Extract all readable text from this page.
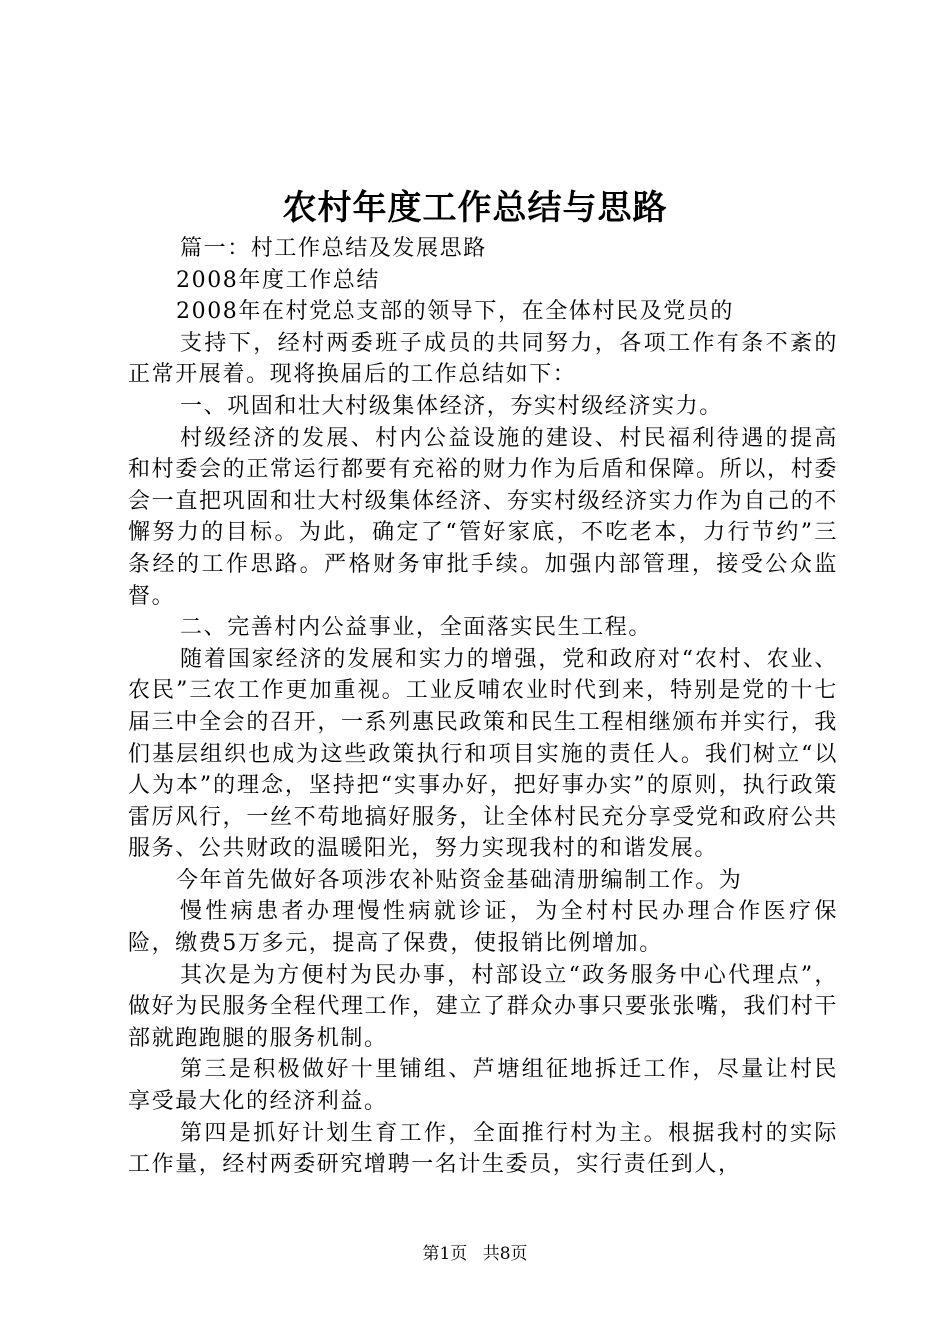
农村年度工作总结与思路

篇一：村工作总结及发展思路

2008年度工作总结

2008年在村党总支部的领导下，在全体村民及党员的

支持下，经村两委班子成员的共同努力，各项工作有条不紊的正常开展着。现将换届后的工作总结如下：

一、巩固和壮大村级集体经济，夯实村级经济实力。

村级经济的发展、村内公益设施的建设、村民福利待遇的提高和村委会的正常运行都要有充裕的财力作为后盾和保障。所以，村委会一直把巩固和壮大村级集体经济、夯实村级经济实力作为自己的不懈努力的目标。为此，确定了“管好家底，不吃老本，力行节约”三条经的工作思路。严格财务审批手续。加强内部管理，接受公众监督。

二、完善村内公益事业，全面落实民生工程。

随着国家经济的发展和实力的增强，党和政府对“农村、农业、农民”三农工作更加重视。工业反哺农业时代到来，特别是党的十七届三中全会的召开，一系列惠民政策和民生工程相继颁布并实行，我们基层组织也成为这些政策执行和项目实施的责任人。我们树立“以人为本”的理念，坚持把“实事办好，把好事办实”的原则，执行政策雷厉风行，一丝不苟地搞好服务，让全体村民充分享受党和政府公共服务、公共财政的温暖阳光，努力实现我村的和谐发展。

今年首先做好各项涉农补贴资金基础清册编制工作。为

慢性病患者办理慢性病就诊证，为全村村民办理合作医疗保险，缴费5万多元，提高了保费，使报销比例增加。

其次是为方便村为民办事，村部设立“政务服务中心代理点”，做好为民服务全程代理工作，建立了群众办事只要张张嘴，我们村干部就跑跑腿的服务机制。

第三是积极做好十里铺组、芦塘组征地拆迁工作，尽量让村民享受最大化的经济利益。

第四是抓好计划生育工作，全面推行村为主。根据我村的实际工作量，经村两委研究增聘一名计生委员，实行责任到人，

第1页 共8页
